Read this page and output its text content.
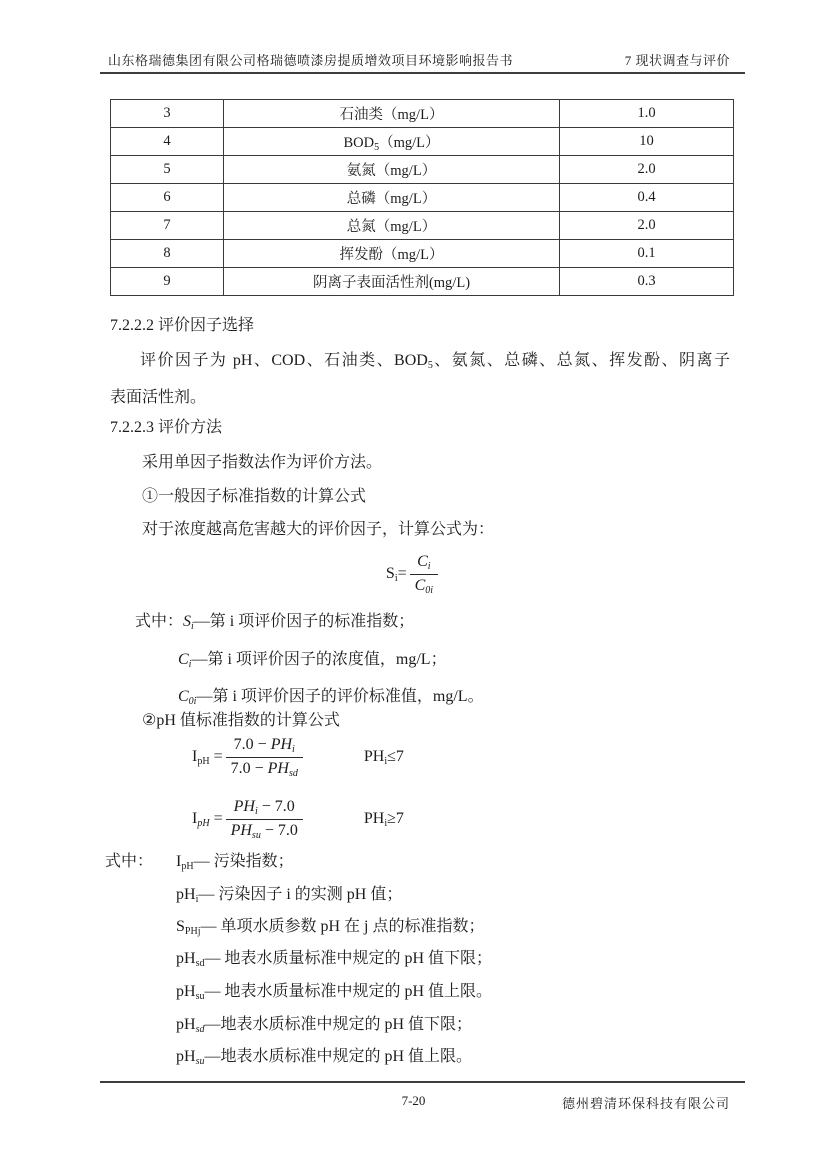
山东格瑞德集团有限公司格瑞德喷漆房提质增效项目环境影响报告书	7 现状调查与评价
3	石油类（mg/L）	1.0
4	$BOD_5(mg/L)$	10
5	氨氮（mg/L）	2.0
6	总磷（mg/L）	0.4
7	总氮（mg/L）	2.0
8	挥发酚（mg/L）	0.1
9	阴离子表面活性剂(mg/L)	0.3
7.2.2.2 评价因子选择
评价因子为 pH、COD、石油类、BOD5、氨氮、总磷、总氮、挥发酚、阴离子
表面活性剂。
7.2.2.3 评价方法
采用单因子指数法作为评价方法。
①一般因子标准指数的计算公式
对于浓度越高危害越大的评价因子，计算公式为：
$Si= \frac{Ci}{C0i}$
式中：Si—第 i 项评价因子的标准指数；
Ci—第 i 项评价因子的浓度值，mg/L；
C0i—第 i 项评价因子的评价标准值，mg/L。
②pH 值标准指数的计算公式
IpH = $\frac{\text{7.0 − PHi}}{\text{7.0 − PHsd}}$	PHi≤7
IpH = $\frac{\text{PHi − 7.0}}{\text{PHsu − 7.0}}$	PHi≥7
式中： IpH— 污染指数；
pHi— 污染因子 i 的实测 pH 值；
SPHj— 单项水质参数 pH 在 j 点的标准指数；
pHsd— 地表水质量标准中规定的 pH 值下限；
pHsu— 地表水质量标准中规定的 pH 值上限。
pHsd—地表水质标准中规定的 pH 值下限；
pHsu—地表水质标准中规定的 pH 值上限。
7-20	德州碧清环保科技有限公司
